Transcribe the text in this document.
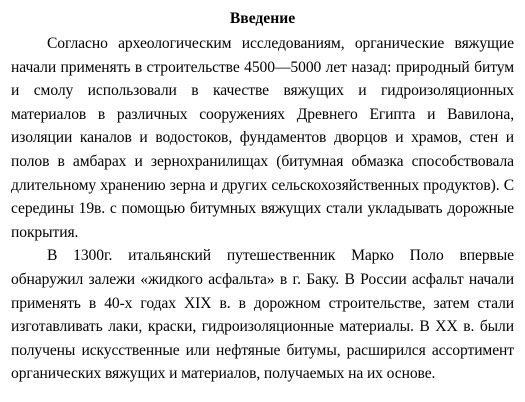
Введение

Согласно археологическим исследованиям, органические вяжущие начали применять в строительстве 4500—5000 лет назад: природный битум и смолу использовали в качестве вяжущих и гидроизоляционных материалов в различных сооружениях Древнего Египта и Вавилона, изоляции каналов и водостоков, фундаментов дворцов и храмов, стен и полов в амбарах и зернохранилищах (битумная обмазка способствовала длительному хранению зерна и других сельскохозяйственных продуктов). С середины 19в. с помощью битумных вяжущих стали укладывать дорожные покрытия.

В 1300г. итальянский путешественник Марко Поло впервые обнаружил залежи «жидкого асфальта» в г. Баку. В России асфальт начали применять в 40-х годах XIX в. в дорожном строительстве, затем стали изготавливать лаки, краски, гидроизоляционные материалы. В XX в. были получены искусственные или нефтяные битумы, расширился ассортимент органических вяжущих и материалов, получаемых на их основе.
